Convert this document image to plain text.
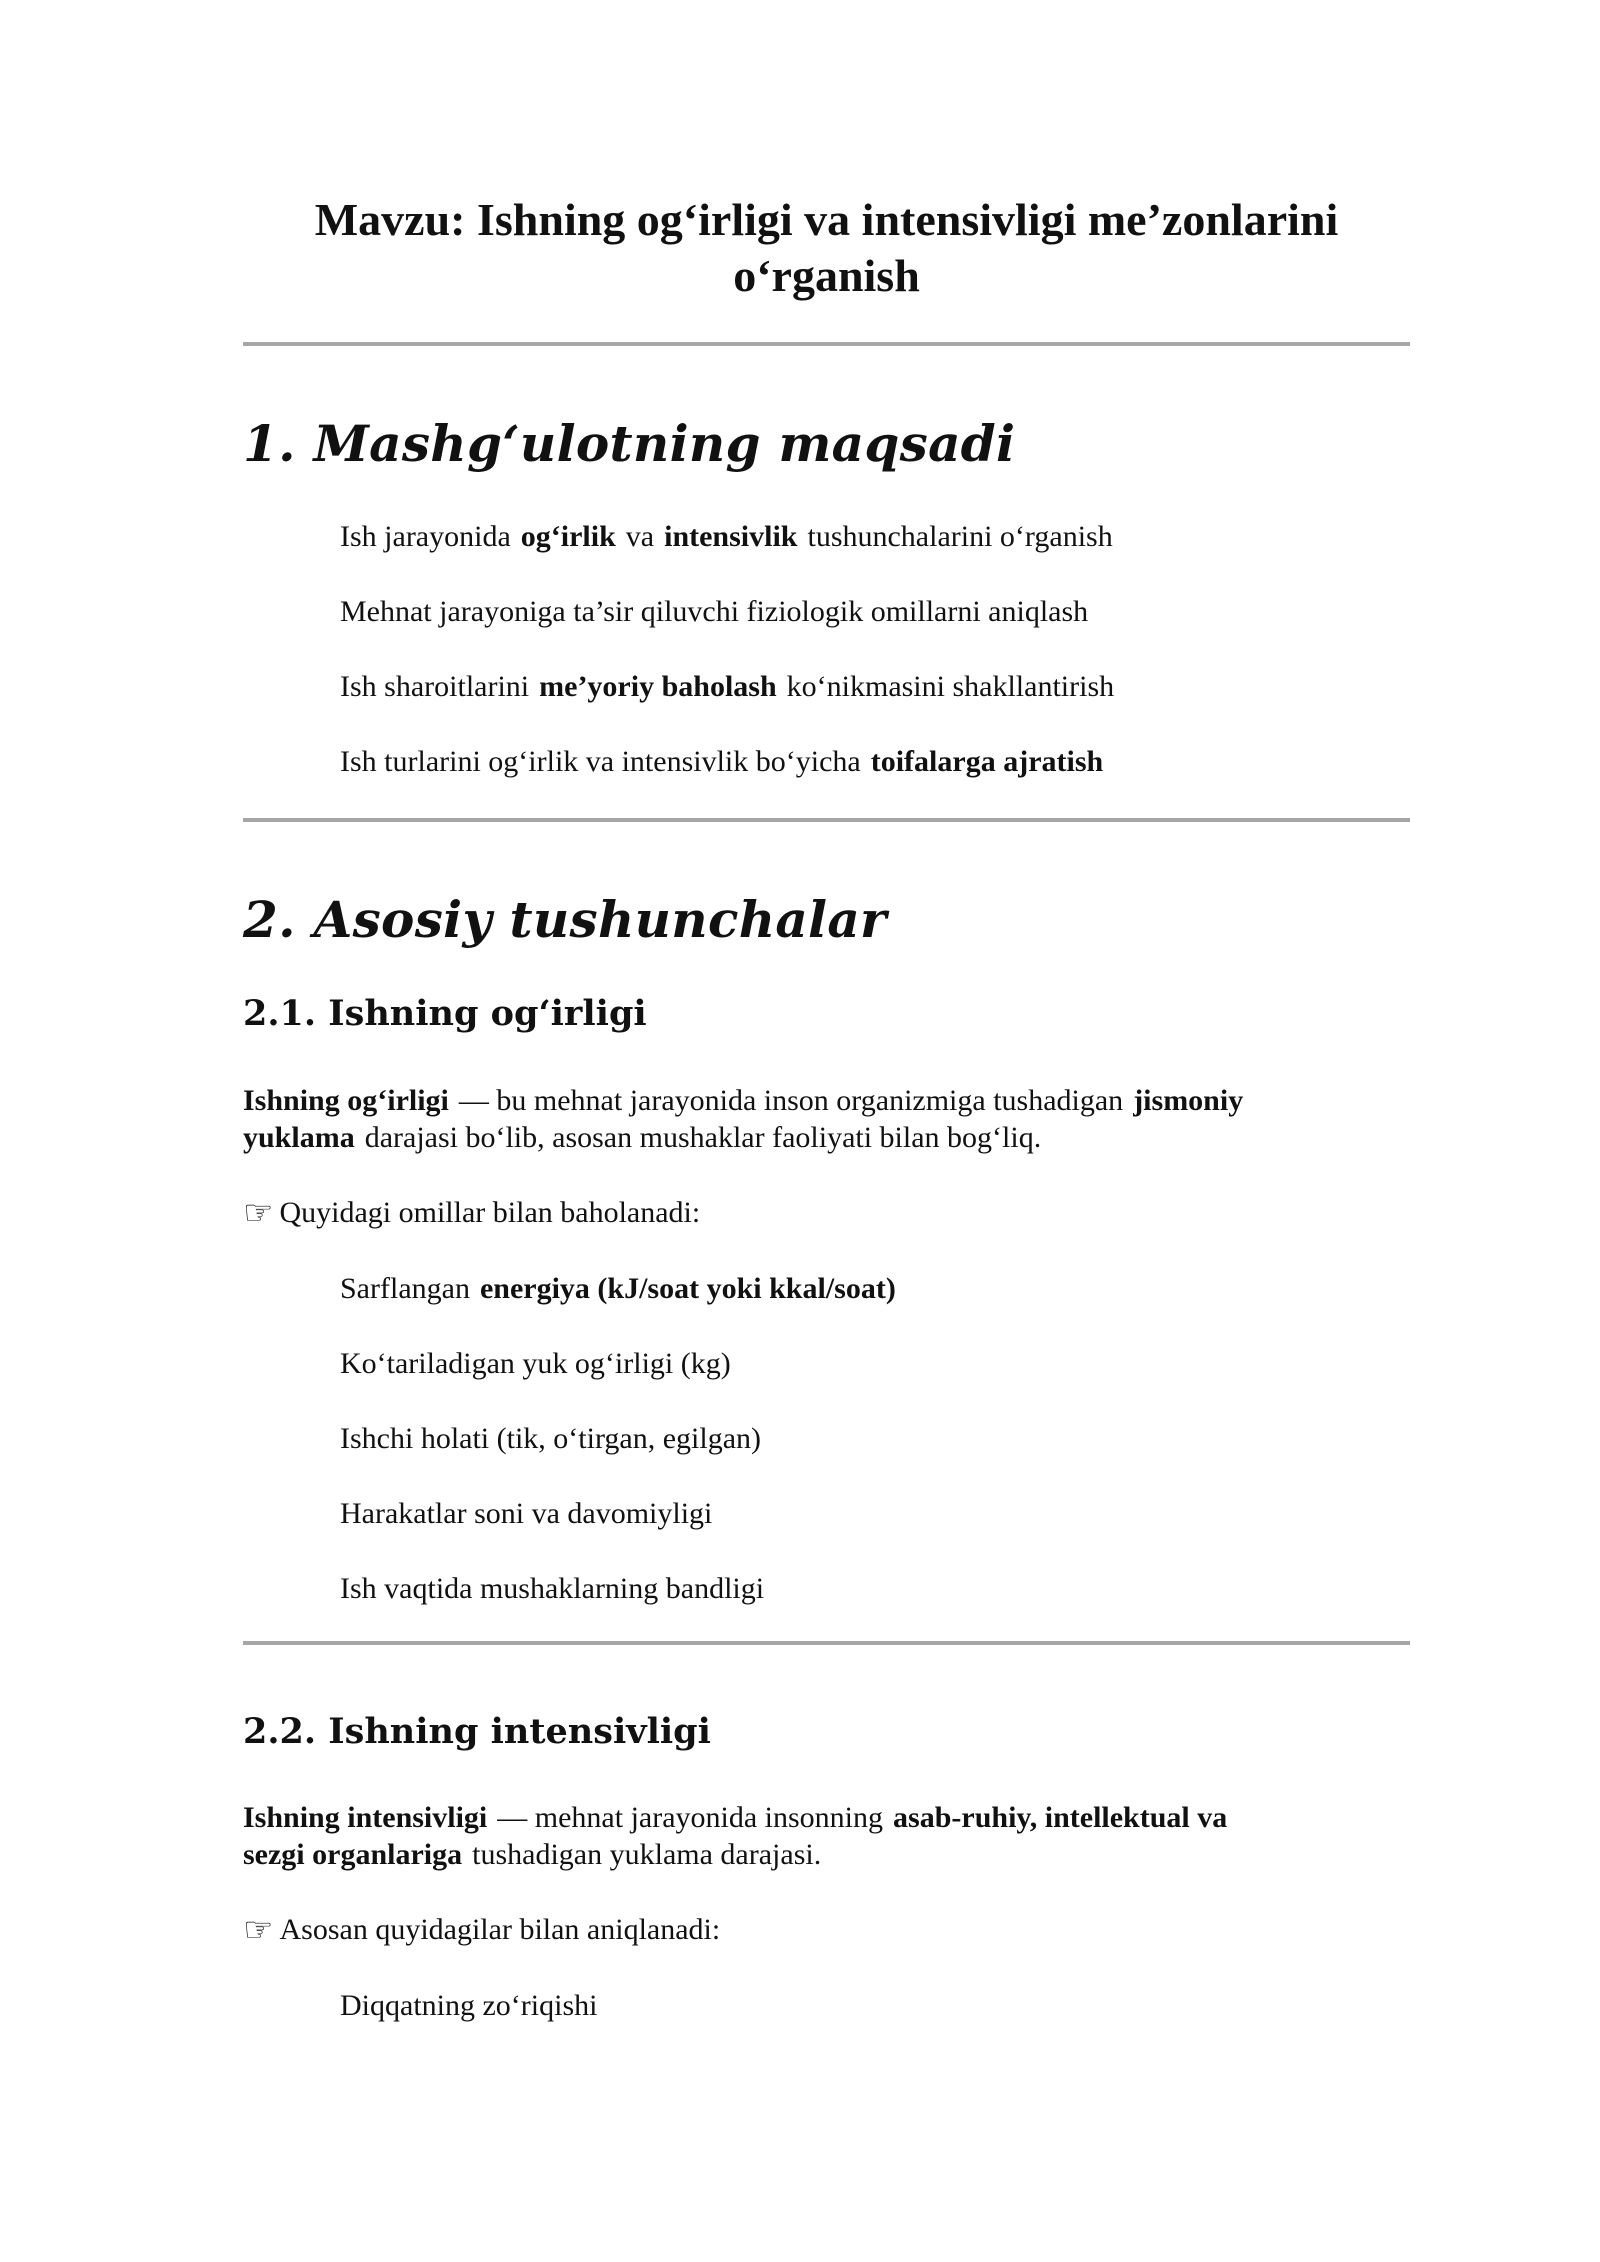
Mavzu: Ishning og‘irligi va intensivligi me’zonlarini
o‘rganish
1. Mashg‘ulotning maqsadi
Ish jarayonida og‘irlik va intensivlik tushunchalarini o‘rganish
Mehnat jarayoniga ta’sir qiluvchi fiziologik omillarni aniqlash
Ish sharoitlarini me’yoriy baholash ko‘nikmasini shakllantirish
Ish turlarini og‘irlik va intensivlik bo‘yicha toifalarga ajratish
2. Asosiy tushunchalar
2.1. Ishning og‘irligi
Ishning og‘irligi — bu mehnat jarayonida inson organizmiga tushadigan jismoniy
yuklama darajasi bo‘lib, asosan mushaklar faoliyati bilan bog‘liq.
☞ Quyidagi omillar bilan baholanadi:
Sarflangan energiya (kJ/soat yoki kkal/soat)
Ko‘tariladigan yuk og‘irligi (kg)
Ishchi holati (tik, o‘tirgan, egilgan)
Harakatlar soni va davomiyligi
Ish vaqtida mushaklarning bandligi
2.2. Ishning intensivligi
Ishning intensivligi — mehnat jarayonida insonning asab-ruhiy, intellektual va
sezgi organlariga tushadigan yuklama darajasi.
☞ Asosan quyidagilar bilan aniqlanadi:
Diqqatning zo‘riqishi
